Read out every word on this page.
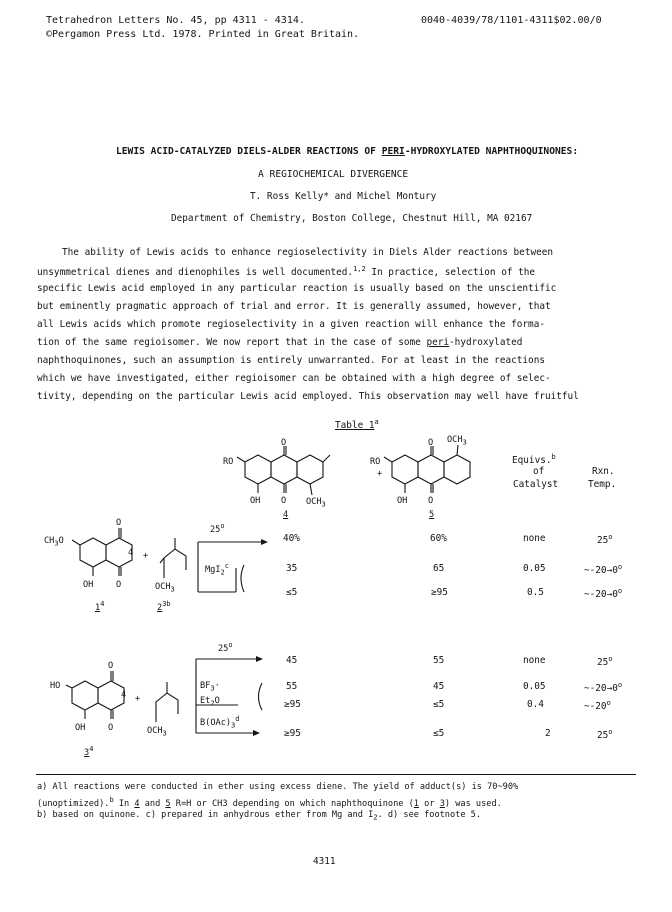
Tetrahedron Letters No. 45, pp 4311 - 4314.
©Pergamon Press Ltd. 1978. Printed in Great Britain.
0040-4039/78/1101-4311$02.00/0
LEWIS ACID-CATALYZED DIELS-ALDER REACTIONS OF PERI-HYDROXYLATED NAPHTHOQUINONES:
A REGIOCHEMICAL DIVERGENCE
T. Ross Kelly* and Michel Montury
Department of Chemistry, Boston College, Chestnut Hill, MA 02167
The ability of Lewis acids to enhance regioselectivity in Diels Alder reactions between
unsymmetrical dienes and dienophiles is well documented.$^{1,2}$ In practice, selection of the
specific Lewis acid employed in any particular reaction is usually based on the unscientific
but eminently pragmatic approach of trial and error. It is generally assumed, however, that
all Lewis acids which promote regioselectivity in a given reaction will enhance the forma-
tion of the same regioisomer. We now report that in the case of some peri-hydroxylated
naphthoquinones, such an assumption is entirely unwarranted. For at least in the reactions
which we have investigated, either regioisomer can be obtained with a high degree of selec-
tivity, depending on the particular Lewis acid employed. This observation may well have fruitful
Table 1$^a$
Equivs.$^b$
of
Catalyst
Rxn.
Temp.
RO
O
OH O $OCH_3$
4
RO
+
O $OCH_3$
OH O
5
O
$CH_3O$
4
OH	O
+
$OCH_3$
$1^4$	$2^{3b}$
25$^o$
MgI$_2^c$
O
HO
4
OH	O
+
$OCH_3$
$3^4$
25$^o$
$BF_3\cdot$
$Et_2O$
$B(OAc)_3^d$
40%	60%	none	25$^o$
35	65	0.05	$\sim-20\to 0^o$
≤5	≥95	0.5	$\sim-20\to 0^o$
45	55	none	25$^o$
55	45	0.05	$\sim-20\to 0^o$
≥95	≤5	0.4	$\sim-20^o$
≥95	≤5	2	25$^o$
a) All reactions were conducted in ether using excess diene. The yield of adduct(s) is 70~90%
(unoptimized).$^b$ In 4 and 5 R=H or CH3 depending on which naphthoquinone (1 or 3) was used.
b) based on quinone. c) prepared in anhydrous ether from Mg and $I_2$. d) see footnote 5.
4311
